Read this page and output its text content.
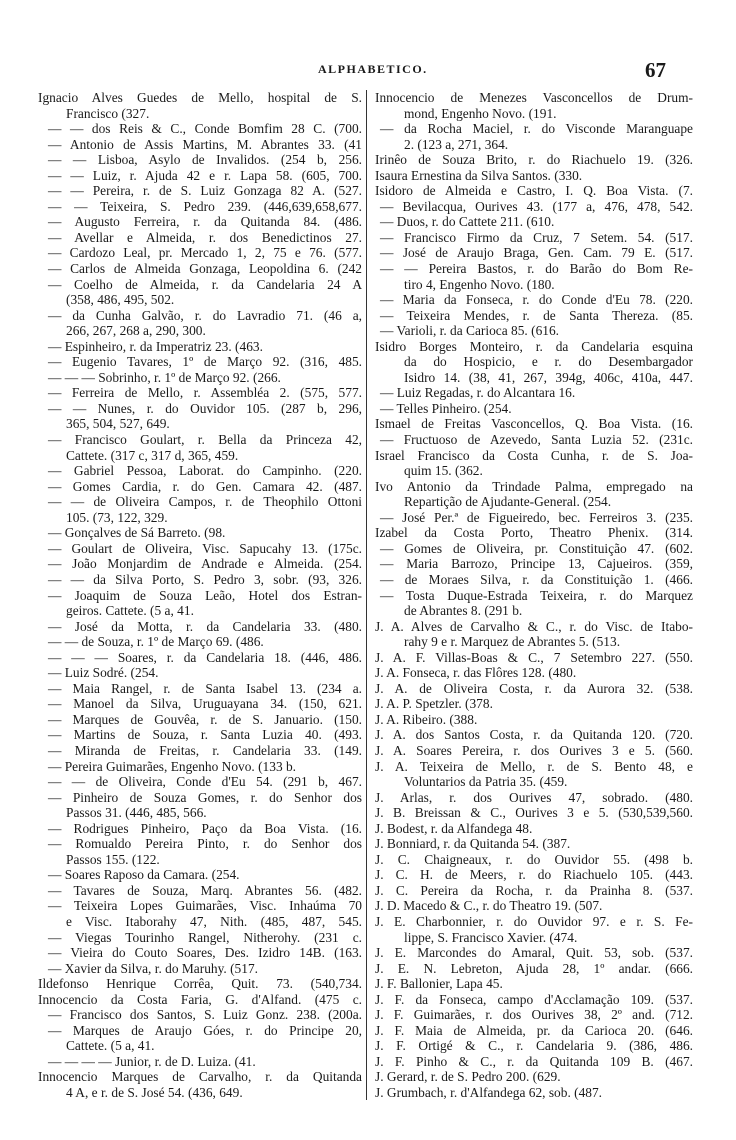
ALPHABETICO.	67
Ignacio Alves Guedes de Mello, hospital de S.
Francisco (327.
— — dos Reis & C., Conde Bomfim 28 C. (700.
— Antonio de Assis Martins, M. Abrantes 33. (41
— — Lisboa, Asylo de Invalidos. (254 b, 256.
— — Luiz, r. Ajuda 42 e r. Lapa 58. (605, 700.
— — Pereira, r. de S. Luiz Gonzaga 82 A. (527.
— — Teixeira, S. Pedro 239. (446,639,658,677.
— Augusto Ferreira, r. da Quitanda 84. (486.
— Avellar e Almeida, r. dos Benedictinos 27.
— Cardozo Leal, pr. Mercado 1, 2, 75 e 76. (577.
— Carlos de Almeida Gonzaga, Leopoldina 6. (242
— Coelho de Almeida, r. da Candelaria 24 A
(358, 486, 495, 502.
— da Cunha Galvão, r. do Lavradio 71. (46 a,
266, 267, 268 a, 290, 300.
— Espinheiro, r. da Imperatriz 23. (463.
— Eugenio Tavares, 1º de Março 92. (316, 485.
— — — Sobrinho, r. 1º de Março 92. (266.
— Ferreira de Mello, r. Assembléa 2. (575, 577.
— — Nunes, r. do Ouvidor 105. (287 b, 296,
365, 504, 527, 649.
— Francisco Goulart, r. Bella da Princeza 42,
Cattete. (317 c, 317 d, 365, 459.
— Gabriel Pessoa, Laborat. do Campinho. (220.
— Gomes Cardia, r. do Gen. Camara 42. (487.
— — de Oliveira Campos, r. de Theophilo Ottoni
105. (73, 122, 329.
— Gonçalves de Sá Barreto. (98.
— Goulart de Oliveira, Visc. Sapucahy 13. (175c.
— João Monjardim de Andrade e Almeida. (254.
— — da Silva Porto, S. Pedro 3, sobr. (93, 326.
— Joaquim de Souza Leão, Hotel dos Estran-
geiros. Cattete. (5 a, 41.
— José da Motta, r. da Candelaria 33. (480.
— — de Souza, r. 1º de Março 69. (486.
— — — Soares, r. da Candelaria 18. (446, 486.
— Luiz Sodré. (254.
— Maia Rangel, r. de Santa Isabel 13. (234 a.
— Manoel da Silva, Uruguayana 34. (150, 621.
— Marques de Gouvêa, r. de S. Januario. (150.
— Martins de Souza, r. Santa Luzia 40. (493.
— Miranda de Freitas, r. Candelaria 33. (149.
— Pereira Guimarães, Engenho Novo. (133 b.
— — de Oliveira, Conde d'Eu 54. (291 b, 467.
— Pinheiro de Souza Gomes, r. do Senhor dos
Passos 31. (446, 485, 566.
— Rodrigues Pinheiro, Paço da Boa Vista. (16.
— Romualdo Pereira Pinto, r. do Senhor dos
Passos 155. (122.
— Soares Raposo da Camara. (254.
— Tavares de Souza, Marq. Abrantes 56. (482.
— Teixeira Lopes Guimarães, Visc. Inhaúma 70
e Visc. Itaborahy 47, Nith. (485, 487, 545.
— Viegas Tourinho Rangel, Nitherohy. (231 c.
— Vieira do Couto Soares, Des. Izidro 14B. (163.
— Xavier da Silva, r. do Maruhy. (517.
Ildefonso Henrique Corrêa, Quit. 73. (540,734.
Innocencio da Costa Faria, G. d'Alfand. (475 c.
— Francisco dos Santos, S. Luiz Gonz. 238. (200a.
— Marques de Araujo Góes, r. do Principe 20,
Cattete. (5 a, 41.
— — — — Junior, r. de D. Luiza. (41.
Innocencio Marques de Carvalho, r. da Quitanda
4 A, e r. de S. José 54. (436, 649.
Innocencio de Menezes Vasconcellos de Drum-
mond, Engenho Novo. (191.
— da Rocha Maciel, r. do Visconde Maranguape
2. (123 a, 271, 364.
Irinêo de Souza Brito, r. do Riachuelo 19. (326.
Isaura Ernestina da Silva Santos. (330.
Isidoro de Almeida e Castro, I. Q. Boa Vista. (7.
— Bevilacqua, Ourives 43. (177 a, 476, 478, 542.
— Duos, r. do Cattete 211. (610.
— Francisco Firmo da Cruz, 7 Setem. 54. (517.
— José de Araujo Braga, Gen. Cam. 79 E. (517.
— — Pereira Bastos, r. do Barão do Bom Re-
tiro 4, Engenho Novo. (180.
— Maria da Fonseca, r. do Conde d'Eu 78. (220.
— Teixeira Mendes, r. de Santa Thereza. (85.
— Varioli, r. da Carioca 85. (616.
Isidro Borges Monteiro, r. da Candelaria esquina
da do Hospicio, e r. do Desembargador
Isidro 14. (38, 41, 267, 394g, 406c, 410a, 447.
— Luiz Regadas, r. do Alcantara 16.
— Telles Pinheiro. (254.
Ismael de Freitas Vasconcellos, Q. Boa Vista. (16.
— Fructuoso de Azevedo, Santa Luzia 52. (231c.
Israel Francisco da Costa Cunha, r. de S. Joa-
quim 15. (362.
Ivo Antonio da Trindade Palma, empregado na
Repartição de Ajudante-General. (254.
— José Per.ª de Figueiredo, bec. Ferreiros 3. (235.
Izabel da Costa Porto, Theatro Phenix. (314.
— Gomes de Oliveira, pr. Constituição 47. (602.
— Maria Barrozo, Principe 13, Cajueiros. (359,
— de Moraes Silva, r. da Constituição 1. (466.
— Tosta Duque-Estrada Teixeira, r. do Marquez
de Abrantes 8. (291 b.
J. A. Alves de Carvalho & C., r. do Visc. de Itabo-
rahy 9 e r. Marquez de Abrantes 5. (513.
J. A. F. Villas-Boas & C., 7 Setembro 227. (550.
J. A. Fonseca, r. das Flôres 128. (480.
J. A. de Oliveira Costa, r. da Aurora 32. (538.
J. A. P. Spetzler. (378.
J. A. Ribeiro. (388.
J. A. dos Santos Costa, r. da Quitanda 120. (720.
J. A. Soares Pereira, r. dos Ourives 3 e 5. (560.
J. A. Teixeira de Mello, r. de S. Bento 48, e
Voluntarios da Patria 35. (459.
J. Arlas, r. dos Ourives 47, sobrado. (480.
J. B. Breissan & C., Ourives 3 e 5. (530,539,560.
J. Bodest, r. da Alfandega 48.
J. Bonniard, r. da Quitanda 54. (387.
J. C. Chaigneaux, r. do Ouvidor 55. (498 b.
J. C. H. de Meers, r. do Riachuelo 105. (443.
J. C. Pereira da Rocha, r. da Prainha 8. (537.
J. D. Macedo & C., r. do Theatro 19. (507.
J. E. Charbonnier, r. do Ouvidor 97. e r. S. Fe-
lippe, S. Francisco Xavier. (474.
J. E. Marcondes do Amaral, Quit. 53, sob. (537.
J. E. N. Lebreton, Ajuda 28, 1º andar. (666.
J. F. Ballonier, Lapa 45.
J. F. da Fonseca, campo d'Acclamação 109. (537.
J. F. Guimarães, r. dos Ourives 38, 2º and. (712.
J. F. Maia de Almeida, pr. da Carioca 20. (646.
J. F. Ortigé & C., r. Candelaria 9. (386, 486.
J. F. Pinho & C., r. da Quitanda 109 B. (467.
J. Gerard, r. de S. Pedro 200. (629.
J. Grumbach, r. d'Alfandega 62, sob. (487.
